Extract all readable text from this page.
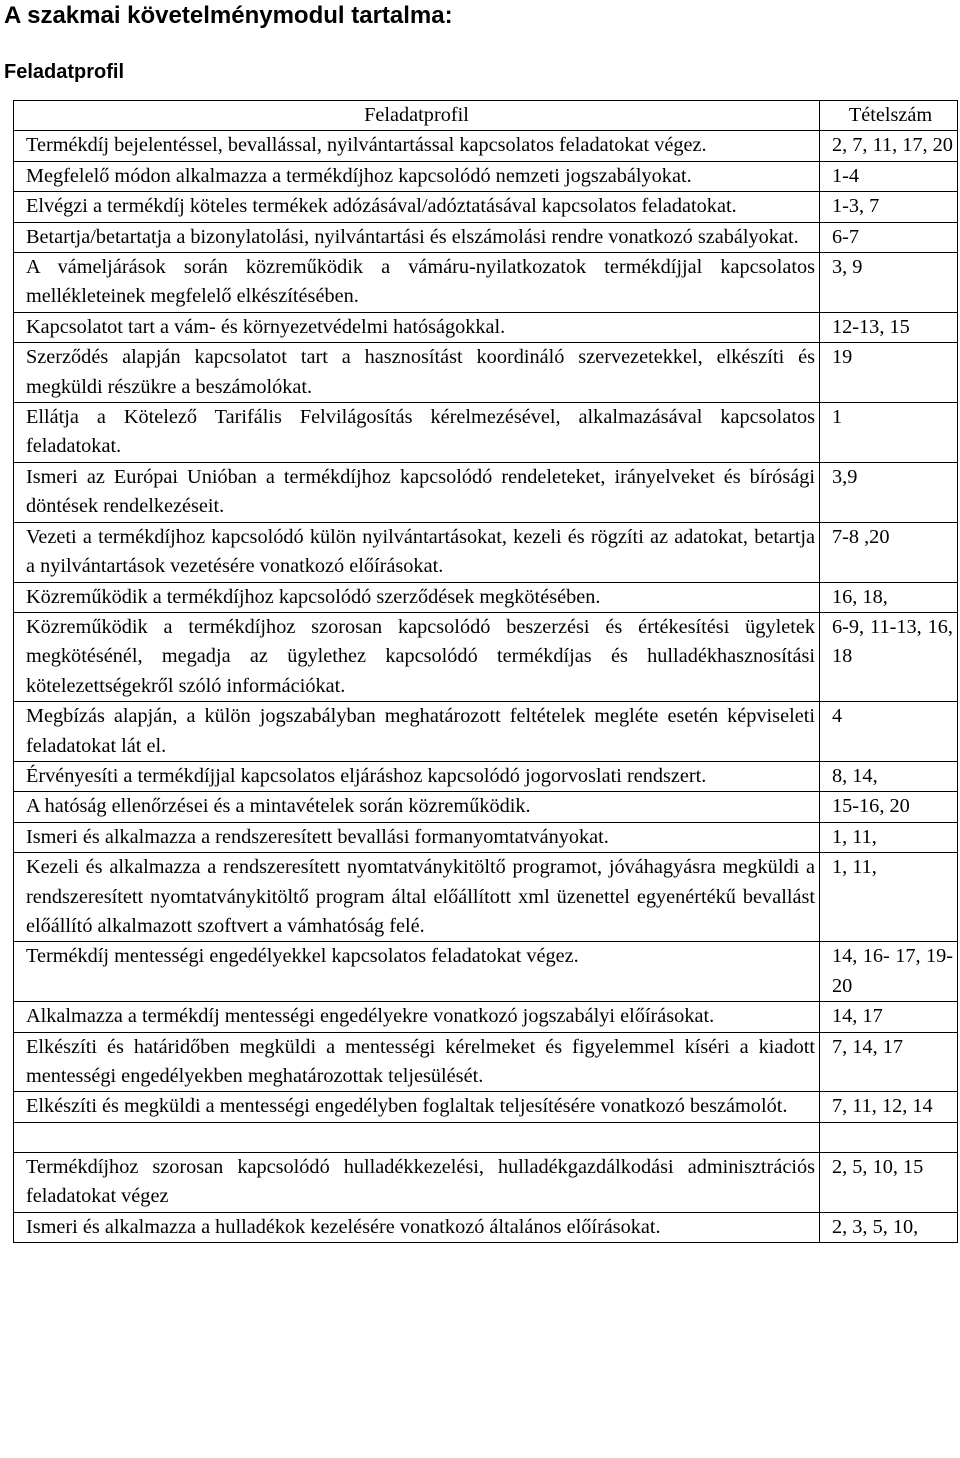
A szakmai követelménymodul tartalma:
Feladatprofil
Feladatprofil	Tételszám
Termékdíj bejelentéssel, bevallással, nyilvántartással kapcsolatos feladatokat végez.	2, 7, 11, 17, 20
Megfelelő módon alkalmazza a termékdíjhoz kapcsolódó nemzeti jogszabályokat.	1-4
Elvégzi a termékdíj köteles termékek adózásával/adóztatásával kapcsolatos feladatokat.	1-3, 7
Betartja/betartatja a bizonylatolási, nyilvántartási és elszámolási rendre vonatkozó szabályokat.	6-7
A vámeljárások során közreműködik a vámáru-nyilatkozatok termékdíjjal kapcsolatos mellékleteinek megfelelő elkészítésében.	3, 9
Kapcsolatot tart a vám- és környezetvédelmi hatóságokkal.	12-13, 15
Szerződés alapján kapcsolatot tart a hasznosítást koordináló szervezetekkel, elkészíti és megküldi részükre a beszámolókat.	19
Ellátja a Kötelező Tarifális Felvilágosítás kérelmezésével, alkalmazásával kapcsolatos feladatokat.	1
Ismeri az Európai Unióban a termékdíjhoz kapcsolódó rendeleteket, irányelveket és bírósági döntések rendelkezéseit.	3,9
Vezeti a termékdíjhoz kapcsolódó külön nyilvántartásokat, kezeli és rögzíti az adatokat, betartja a nyilvántartások vezetésére vonatkozó előírásokat.	7-8 ,20
Közreműködik a termékdíjhoz kapcsolódó szerződések megkötésében.	16, 18,
Közreműködik a termékdíjhoz szorosan kapcsolódó beszerzési és értékesítési ügyletek megkötésénél, megadja az ügylethez kapcsolódó termékdíjas és hulladékhasznosítási kötelezettségekről szóló információkat.	6-9, 11-13, 16, 18
Megbízás alapján, a külön jogszabályban meghatározott feltételek megléte esetén képviseleti feladatokat lát el.	4
Érvényesíti a termékdíjjal kapcsolatos eljáráshoz kapcsolódó jogorvoslati rendszert.	8, 14,
A hatóság ellenőrzései és a mintavételek során közreműködik.	15-16, 20
Ismeri és alkalmazza a rendszeresített bevallási formanyomtatványokat.	1, 11,
Kezeli és alkalmazza a rendszeresített nyomtatványkitöltő programot, jóváhagyásra megküldi a rendszeresített nyomtatványkitöltő program által előállított xml üzenettel egyenértékű bevallást előállító alkalmazott szoftvert a vámhatóság felé.	1, 11,
Termékdíj mentességi engedélyekkel kapcsolatos feladatokat végez.	14, 16- 17, 19- 20
Alkalmazza a termékdíj mentességi engedélyekre vonatkozó jogszabályi előírásokat.	14, 17
Elkészíti és határidőben megküldi a mentességi kérelmeket és figyelemmel kíséri a kiadott mentességi engedélyekben meghatározottak teljesülését.	7, 14, 17
Elkészíti és megküldi a mentességi engedélyben foglaltak teljesítésére vonatkozó beszámolót.	7, 11, 12, 14

Termékdíjhoz szorosan kapcsolódó hulladékkezelési, hulladékgazdálkodási adminisztrációs feladatokat végez	2, 5, 10, 15
Ismeri és alkalmazza a hulladékok kezelésére vonatkozó általános előírásokat.	2, 3, 5, 10,
